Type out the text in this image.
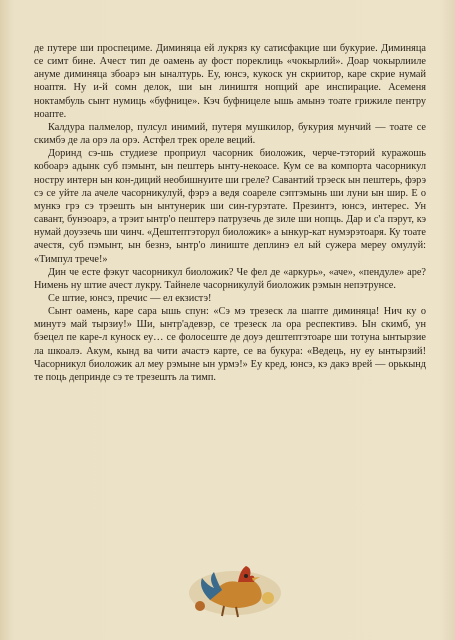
де путере ши проспецимe. Диминяца ей лукряз ку сатисфакцие ши букурие. Диминяца се симт бине. Ачест тип де оамень ау фост пореклиць «чокырлий». Доар чокырлииле ануме диминяца збоарэ ын ынaлтурь. Еу, юнсэ, кукоск ун скриитор, каре скрие нумай ноаптя. Ну и-й сомн делок, ши ын лиништя нопций аре инспирацие. Асеменя ноктамбуль сынт нумиць «буфнице». Кэч буфницеле ышь амынэ тоате грижиле пентру ноапте.

Калдура палмелор, пулсул инимий, путеря мушкилор, букурия мунчий — тоате се скимбэ де ла орэ ла орэ. Астфел трек ореле веций.

Доринд сэ-шь студиезе проприул часорник биоложик, черче-тэторий куражошь кобоарэ адынк суб пэмынт, ын пештерь ынту-некоасе. Кум се ва компорта часорникул ностру интерн ын кон-диций необишнуите ши греле? Савантий трэеск ын пештерь, фэрэ сэ се уйте ла ачеле часорникулуй, фэрэ а ведя соареле сэптэмынь ши луни ын шир. Е о мункэ грэ сэ трэешть ын ынтунерик ши син-гурэтате. Презинтэ, юнсэ, интерес. Ун савант, бунэоарэ, а трэит ынтр'о пештерэ патрузечь де зиле ши нопць. Дар и с'а пэрут, кэ нумай доуэзечь ши чинч. «Дештептэторул биоложик» а ынкур-кат нумэрэтоаря. Ку тоате ачестя, суб пэмынт, ын безнэ, ынтр'о линиште деплинэ ел ый сужера мереу омулуй: «Тимпул тречe!»

Дин че есте фэкут часорникул биоложик? Че фел де «аркурь», «аче», «пендуле» аре? Нимень ну штие ачест лукру. Тайнеле часорникулуй биоложик рэмын непэтрунсе.

Се штие, юнсэ, пречис — ел екзистэ!

Сынт оамень, каре сара ышь спун: «Сэ мэ трезеск ла шапте диминяца! Нич ку о минутэ май тырзиу!» Ши, ынтр'адевэр, се трезеск ла ора респективэ. Ын скимб, ун бэецел пе каре-л кунoск еу… се фолосеште де доуэ дештептэтоаре ши тотуна ынтырзие ла шкоалэ. Акум, кынд ва чити ачастэ карте, се ва букура: «Ведець, ну еу ынтырзий! Часорникул биоложик ал меу рэмыне ын урмэ!» Еу кред, юнсэ, кэ дакэ врей — орькынд те поць депринде сэ те трезешть ла тимп.
